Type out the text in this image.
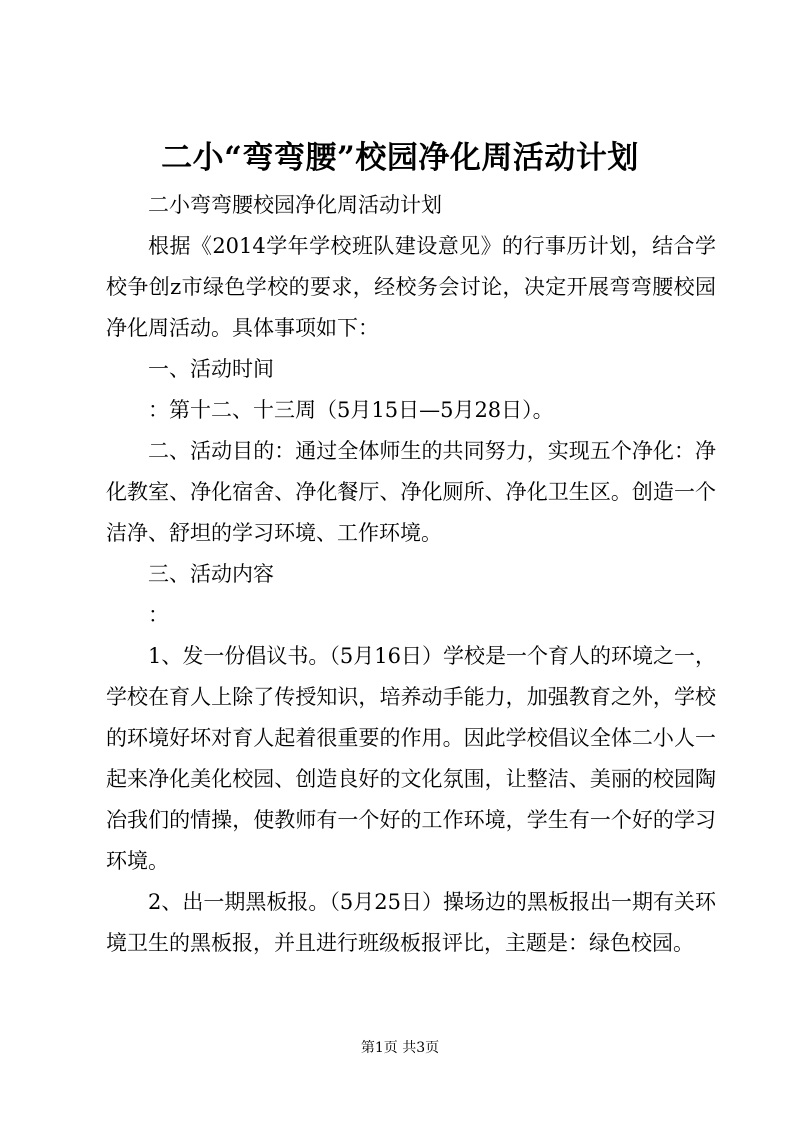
二小“弯弯腰”校园净化周活动计划

二小弯弯腰校园净化周活动计划

根据《2014学年学校班队建设意见》的行事历计划，结合学校争创z市绿色学校的要求，经校务会讨论，决定开展弯弯腰校园净化周活动。具体事项如下：

一、活动时间

：第十二、十三周（5月15日—5月28日）。

二、活动目的：通过全体师生的共同努力，实现五个净化：净化教室、净化宿舍、净化餐厅、净化厕所、净化卫生区。创造一个洁净、舒坦的学习环境、工作环境。

三、活动内容

：

1、发一份倡议书。（5月16日）学校是一个育人的环境之一，学校在育人上除了传授知识，培养动手能力，加强教育之外，学校的环境好坏对育人起着很重要的作用。因此学校倡议全体二小人一起来净化美化校园、创造良好的文化氛围，让整洁、美丽的校园陶冶我们的情操，使教师有一个好的工作环境，学生有一个好的学习环境。

2、出一期黑板报。（5月25日）操场边的黑板报出一期有关环境卫生的黑板报，并且进行班级板报评比，主题是：绿色校园。

第1页 共3页
